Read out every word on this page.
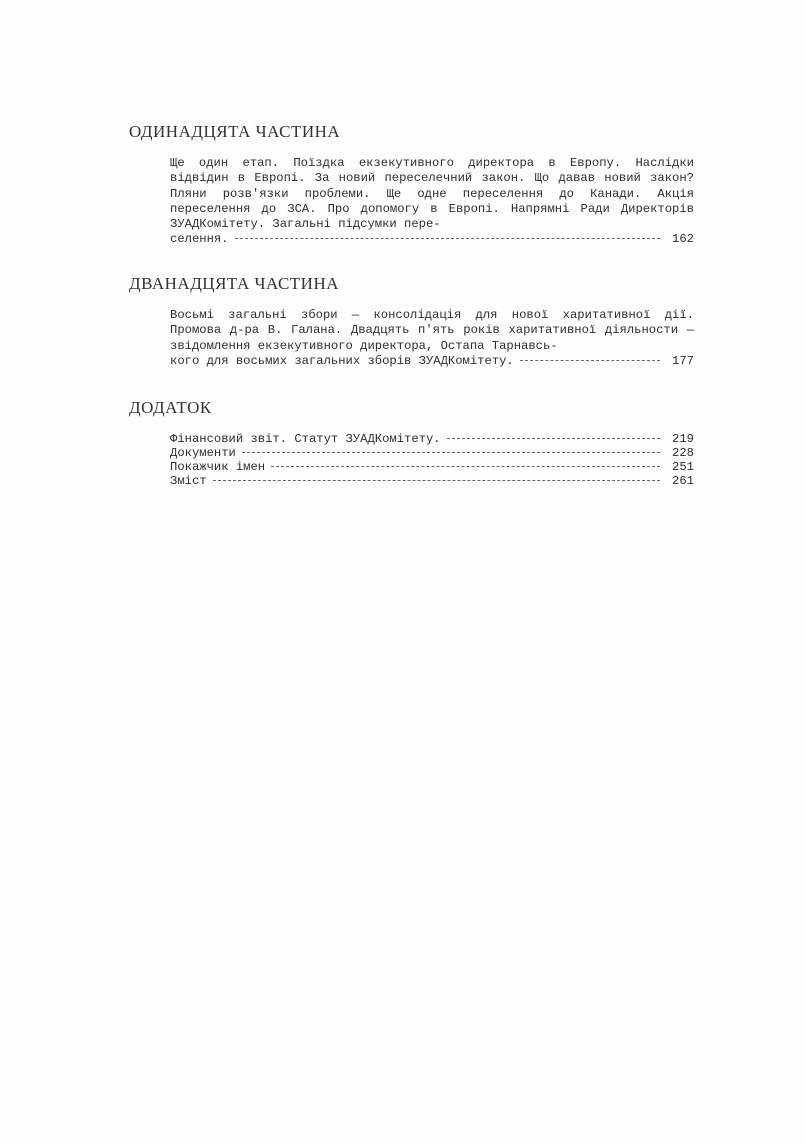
ОДИНАДЦЯТА ЧАСТИНА
Ще один етап. Поїздка екзекутивного директора в Европу. Наслідки відвідин в Европі. За новий переселечний закон. Що давав новий закон? Пляни розв'язки проблеми. Ще одне переселення до Канади. Акція переселення до ЗСА. Про допомогу в Европі. Напрямні Ради Директорів ЗУАДКомітету. Загальні підсумки пере-
селення.	162
ДВАНАДЦЯТА ЧАСТИНА
Восьмі загальні збори — консолідація для нової харитативної дії. Промова д-ра В. Галана. Двадцять п'ять років харитативної діяльности — звідомлення екзекутивного директора, Остапа Тарнавсь-
кого для восьмих загальних зборів ЗУАДКомітету.	177
ДОДАТОК
Фінансовий звіт. Статут ЗУАДКомітету.	219
Документи	228
Покажчик імен	251
Зміст	261
